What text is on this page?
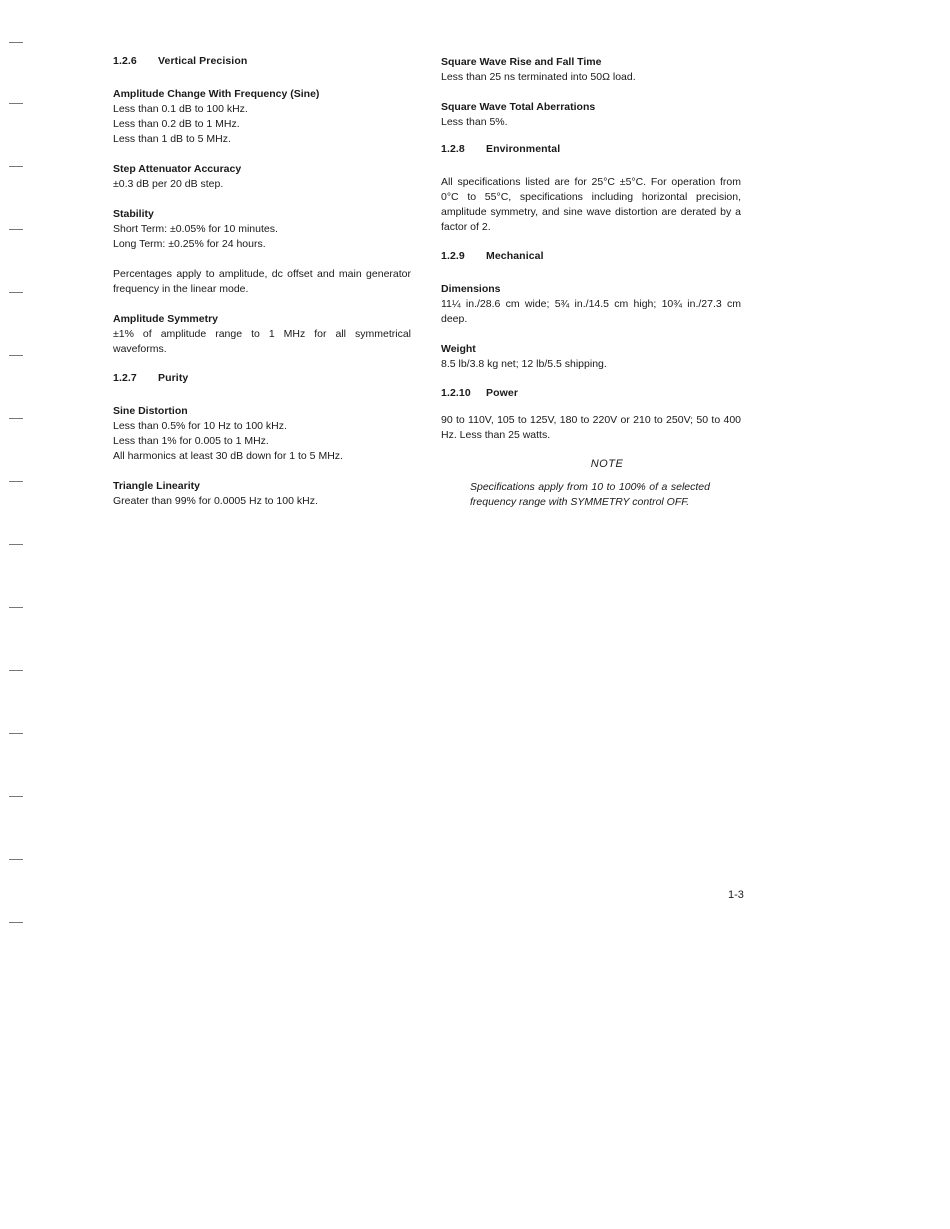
1.2.6 Vertical Precision
Amplitude Change With Frequency (Sine)
Less than 0.1 dB to 100 kHz.
Less than 0.2 dB to 1 MHz.
Less than 1 dB to 5 MHz.
Step Attenuator Accuracy
±0.3 dB per 20 dB step.
Stability
Short Term: ±0.05% for 10 minutes.
Long Term: ±0.25% for 24 hours.
Percentages apply to amplitude, dc offset and main generator frequency in the linear mode.
Amplitude Symmetry
±1% of amplitude range to 1 MHz for all symmetrical waveforms.
1.2.7 Purity
Sine Distortion
Less than 0.5% for 10 Hz to 100 kHz.
Less than 1% for 0.005 to 1 MHz.
All harmonics at least 30 dB down for 1 to 5 MHz.
Triangle Linearity
Greater than 99% for 0.0005 Hz to 100 kHz.
Square Wave Rise and Fall Time
Less than 25 ns terminated into 50Ω load.
Square Wave Total Aberrations
Less than 5%.
1.2.8 Environmental
All specifications listed are for 25°C ±5°C. For operation from 0°C to 55°C, specifications including horizontal precision, amplitude symmetry, and sine wave distortion are derated by a factor of 2.
1.2.9 Mechanical
Dimensions
11¼ in./28.6 cm wide; 5¾ in./14.5 cm high; 10¾ in./27.3 cm deep.
Weight
8.5 lb/3.8 kg net; 12 lb/5.5 shipping.
1.2.10 Power
90 to 110V, 105 to 125V, 180 to 220V or 210 to 250V; 50 to 400 Hz. Less than 25 watts.
NOTE
Specifications apply from 10 to 100% of a selected frequency range with SYMMETRY control OFF.
1-3
